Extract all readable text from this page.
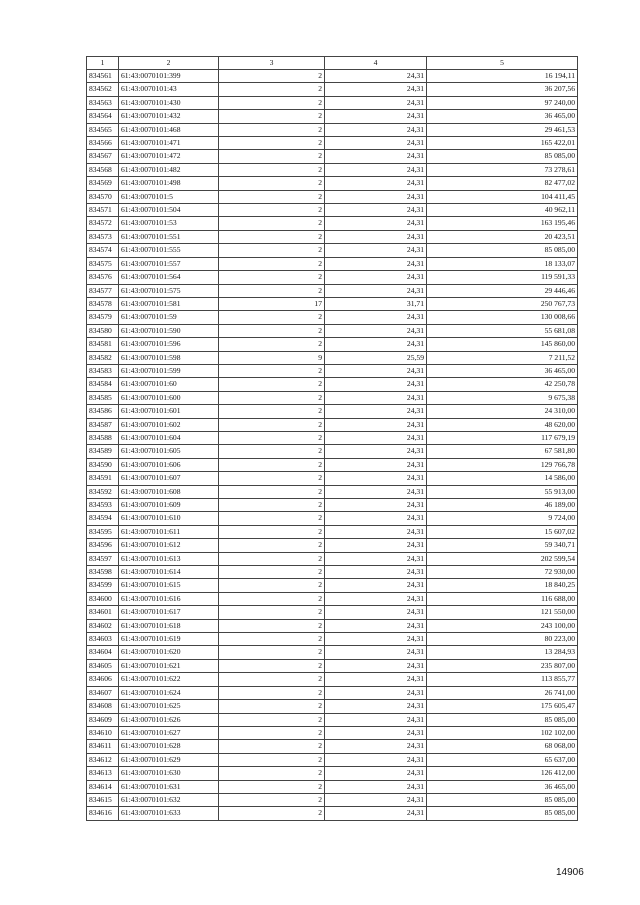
1	2	3	4	5
834561	61:43:0070101:399	2	24,31	16 194,11
834562	61:43:0070101:43	2	24,31	36 207,56
834563	61:43:0070101:430	2	24,31	97 240,00
834564	61:43:0070101:432	2	24,31	36 465,00
834565	61:43:0070101:468	2	24,31	29 461,53
834566	61:43:0070101:471	2	24,31	165 422,01
834567	61:43:0070101:472	2	24,31	85 085,00
834568	61:43:0070101:482	2	24,31	73 278,61
834569	61:43:0070101:498	2	24,31	82 477,02
834570	61:43:0070101:5	2	24,31	104 411,45
834571	61:43:0070101:504	2	24,31	40 962,11
834572	61:43:0070101:53	2	24,31	163 195,46
834573	61:43:0070101:551	2	24,31	20 423,51
834574	61:43:0070101:555	2	24,31	85 085,00
834575	61:43:0070101:557	2	24,31	18 133,07
834576	61:43:0070101:564	2	24,31	119 591,33
834577	61:43:0070101:575	2	24,31	29 446,46
834578	61:43:0070101:581	17	31,71	250 767,73
834579	61:43:0070101:59	2	24,31	130 008,66
834580	61:43:0070101:590	2	24,31	55 681,08
834581	61:43:0070101:596	2	24,31	145 860,00
834582	61:43:0070101:598	9	25,59	7 211,52
834583	61:43:0070101:599	2	24,31	36 465,00
834584	61:43:0070101:60	2	24,31	42 250,78
834585	61:43:0070101:600	2	24,31	9 675,38
834586	61:43:0070101:601	2	24,31	24 310,00
834587	61:43:0070101:602	2	24,31	48 620,00
834588	61:43:0070101:604	2	24,31	117 679,19
834589	61:43:0070101:605	2	24,31	67 581,80
834590	61:43:0070101:606	2	24,31	129 766,78
834591	61:43:0070101:607	2	24,31	14 586,00
834592	61:43:0070101:608	2	24,31	55 913,00
834593	61:43:0070101:609	2	24,31	46 189,00
834594	61:43:0070101:610	2	24,31	9 724,00
834595	61:43:0070101:611	2	24,31	15 607,02
834596	61:43:0070101:612	2	24,31	59 340,71
834597	61:43:0070101:613	2	24,31	202 599,54
834598	61:43:0070101:614	2	24,31	72 930,00
834599	61:43:0070101:615	2	24,31	18 840,25
834600	61:43:0070101:616	2	24,31	116 688,00
834601	61:43:0070101:617	2	24,31	121 550,00
834602	61:43:0070101:618	2	24,31	243 100,00
834603	61:43:0070101:619	2	24,31	80 223,00
834604	61:43:0070101:620	2	24,31	13 284,93
834605	61:43:0070101:621	2	24,31	235 807,00
834606	61:43:0070101:622	2	24,31	113 855,77
834607	61:43:0070101:624	2	24,31	26 741,00
834608	61:43:0070101:625	2	24,31	175 605,47
834609	61:43:0070101:626	2	24,31	85 085,00
834610	61:43:0070101:627	2	24,31	102 102,00
834611	61:43:0070101:628	2	24,31	68 068,00
834612	61:43:0070101:629	2	24,31	65 637,00
834613	61:43:0070101:630	2	24,31	126 412,00
834614	61:43:0070101:631	2	24,31	36 465,00
834615	61:43:0070101:632	2	24,31	85 085,00
834616	61:43:0070101:633	2	24,31	85 085,00
14906
